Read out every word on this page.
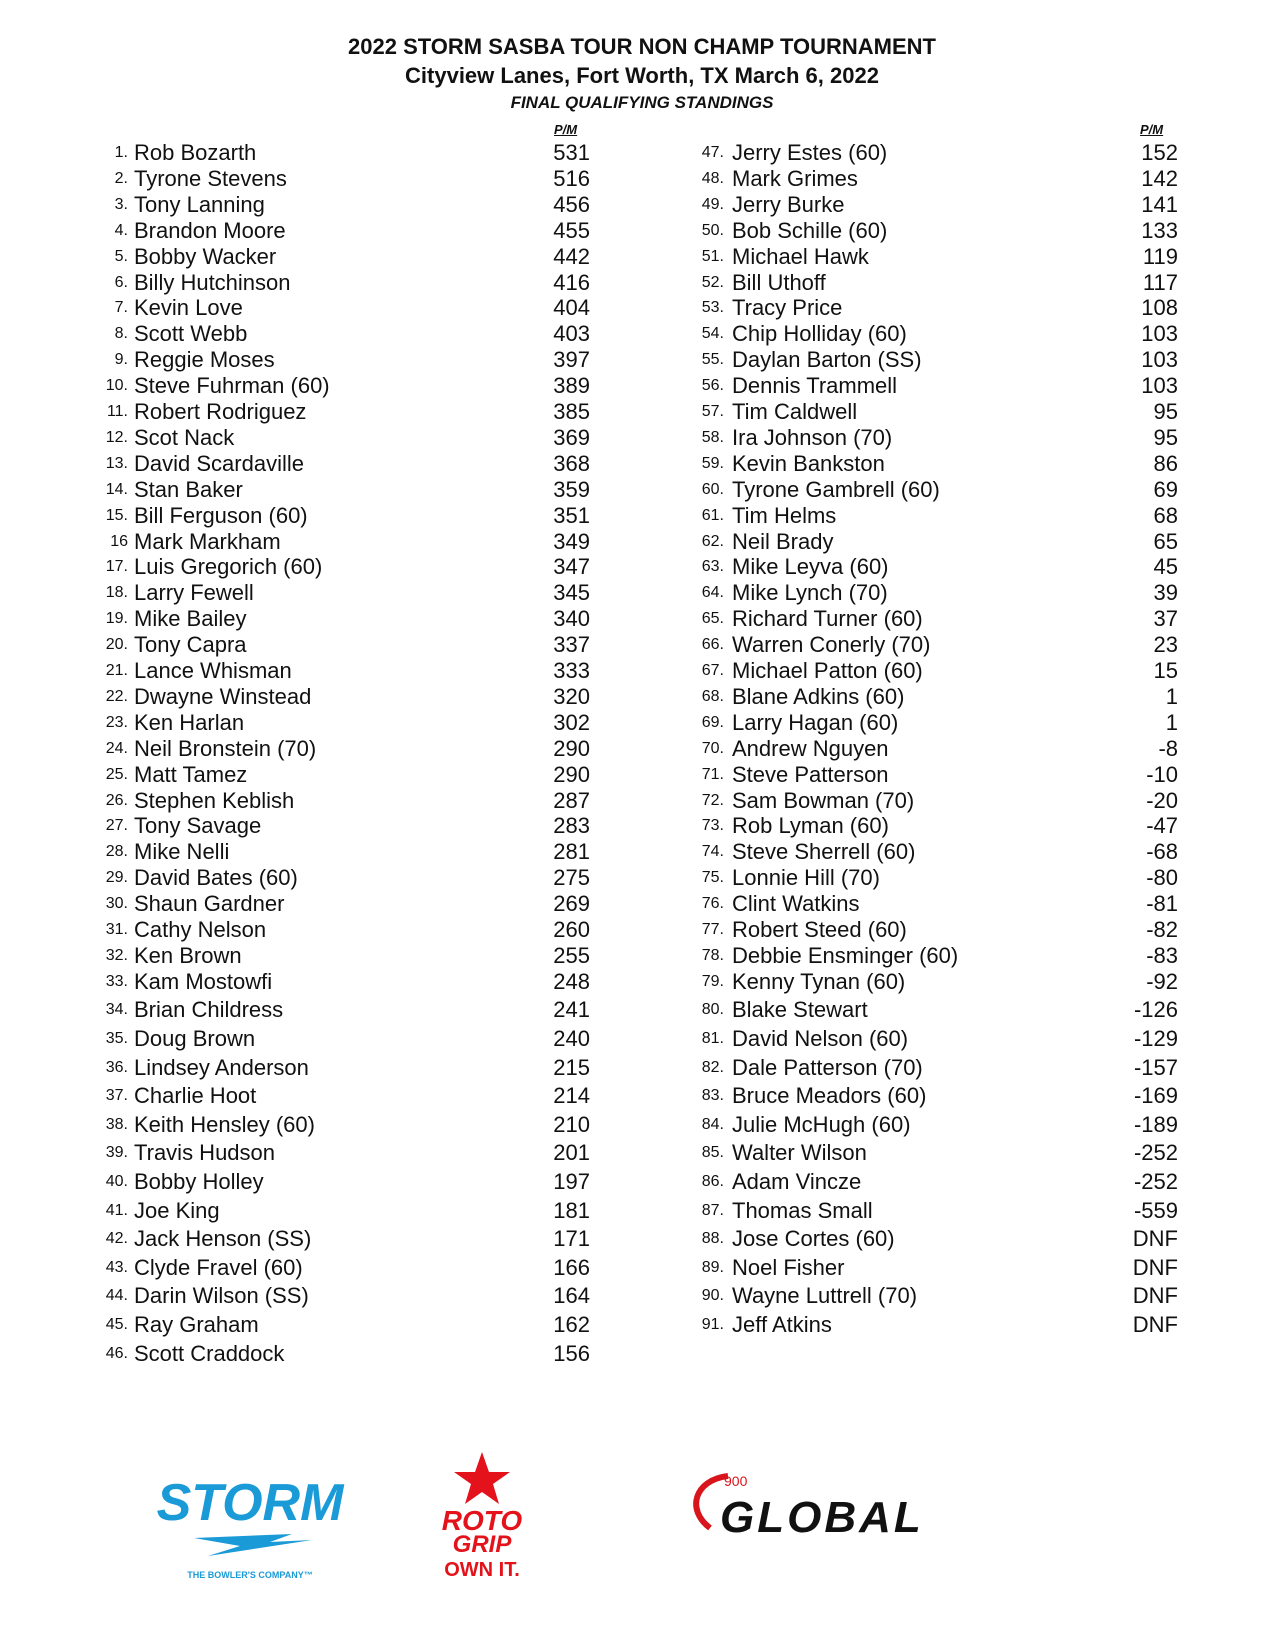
2022 STORM SASBA TOUR NON CHAMP TOURNAMENT
Cityview Lanes, Fort Worth, TX March 6, 2022
FINAL QUALIFYING STANDINGS
P/M	P/M
1. Rob Bozarth	531
2. Tyrone Stevens	516
3. Tony Lanning	456
4. Brandon Moore	455
5. Bobby Wacker	442
6. Billy Hutchinson	416
7. Kevin Love	404
8. Scott Webb	403
9. Reggie Moses	397
10. Steve Fuhrman (60)	389
11. Robert Rodriguez	385
12. Scot Nack	369
13. David Scardaville	368
14. Stan Baker	359
15. Bill Ferguson (60)	351
16 Mark Markham	349
17. Luis Gregorich (60)	347
18. Larry Fewell	345
19. Mike Bailey	340
20. Tony Capra	337
21. Lance Whisman	333
22. Dwayne Winstead	320
23. Ken Harlan	302
24. Neil Bronstein (70)	290
25. Matt Tamez	290
26. Stephen Keblish	287
27. Tony Savage	283
28. Mike Nelli	281
29. David Bates (60)	275
30. Shaun Gardner	269
31. Cathy Nelson	260
32. Ken Brown	255
33. Kam Mostowfi	248
34. Brian Childress	241
35. Doug Brown	240
36. Lindsey Anderson	215
37. Charlie Hoot	214
38. Keith Hensley (60)	210
39. Travis Hudson	201
40. Bobby Holley	197
41. Joe King	181
42. Jack Henson (SS)	171
43. Clyde Fravel (60)	166
44. Darin Wilson (SS)	164
45. Ray Graham	162
46. Scott Craddock	156
47. Jerry Estes (60)	152
48. Mark Grimes	142
49. Jerry Burke	141
50. Bob Schille (60)	133
51. Michael Hawk	119
52. Bill Uthoff	117
53. Tracy Price	108
54. Chip Holliday (60)	103
55. Daylan Barton (SS)	103
56. Dennis Trammell	103
57. Tim Caldwell	95
58. Ira Johnson (70)	95
59. Kevin Bankston	86
60. Tyrone Gambrell (60)	69
61. Tim Helms	68
62. Neil Brady	65
63. Mike Leyva (60)	45
64. Mike Lynch (70)	39
65. Richard Turner (60)	37
66. Warren Conerly (70)	23
67. Michael Patton (60)	15
68. Blane Adkins (60)	1
69. Larry Hagan (60)	1
70. Andrew Nguyen	-8
71. Steve Patterson	-10
72. Sam Bowman (70)	-20
73. Rob Lyman (60)	-47
74. Steve Sherrell (60)	-68
75. Lonnie Hill (70)	-80
76. Clint Watkins	-81
77. Robert Steed (60)	-82
78. Debbie Ensminger (60)	-83
79. Kenny Tynan (60)	-92
80. Blake Stewart	-126
81. David Nelson (60)	-129
82. Dale Patterson (70)	-157
83. Bruce Meadors (60)	-169
84. Julie McHugh (60)	-189
85. Walter Wilson	-252
86. Adam Vincze	-252
87. Thomas Small	-559
88. Jose Cortes (60)	DNF
89. Noel Fisher	DNF
90. Wayne Luttrell (70)	DNF
91. Jeff Atkins	DNF
STORM
THE BOWLER'S COMPANY™
ROTO
GRIP
OWN IT.
900
GLOBAL
